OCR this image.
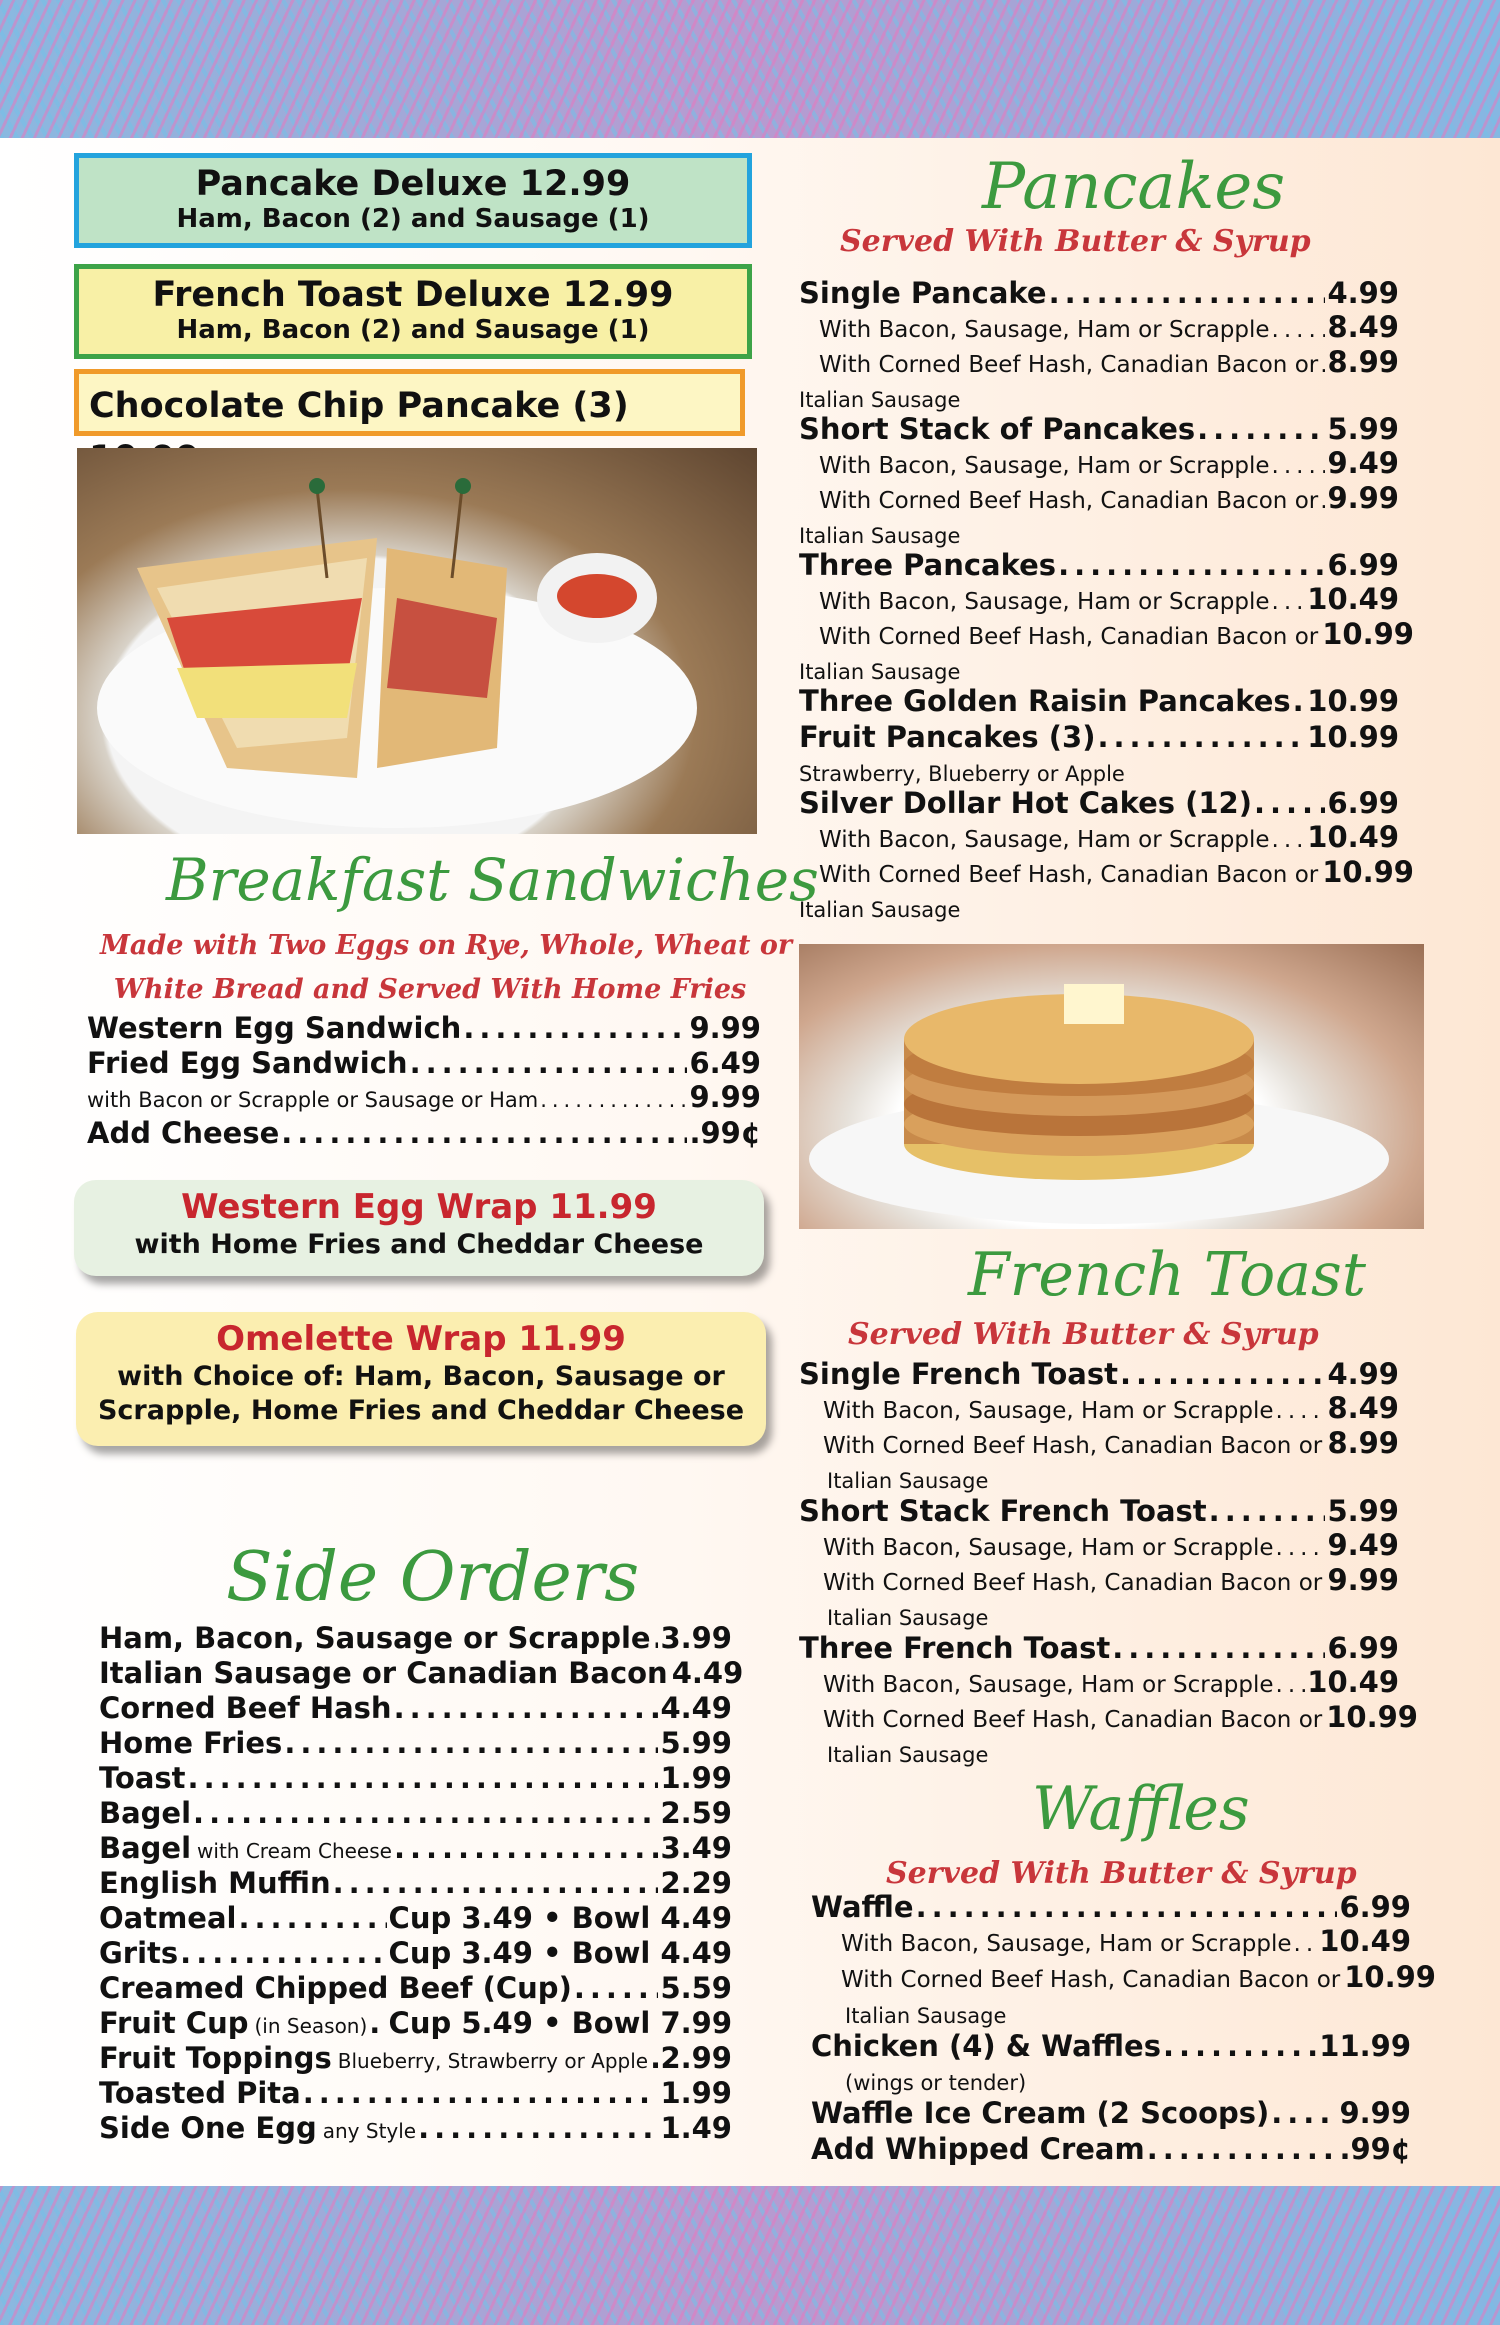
Pancake Deluxe 12.99
Ham, Bacon (2) and Sausage (1)
French Toast Deluxe 12.99
Ham, Bacon (2) and Sausage (1)
Chocolate Chip Pancake (3)
Breakfast Sandwiches
Made with Two Eggs on Rye, Whole, Wheat or
White Bread and Served With Home Fries
Western Egg Sandwich .....	9.99
Fried Egg Sandwich .....	6.49
with Bacon or Scrapple or Sausage or Ham .....	9.99
Add Cheese .....	.99¢
Western Egg Wrap 11.99
with Home Fries and Cheddar Cheese
Omelette Wrap 11.99
with Choice of: Ham, Bacon, Sausage or
Scrapple, Home Fries and Cheddar Cheese
Side Orders
Ham, Bacon, Sausage or Scrapple ..... 3.99
Italian Sausage or Canadian Bacon 4.49
Corned Beef Hash .....	4.49
Home Fries .....	5.99
Toast .....	1.99
Bagel .....	2.59
Bagel with Cream Cheese .....	3.49
English Muffin .....	2.29
Oatmeal .....	Cup 3.49 • Bowl 4.49
Grits .....	Cup 3.49 • Bowl 4.49
Creamed Chipped Beef (Cup) .....	5.59
Fruit Cup (in Season) ..... Cup 5.49 • Bowl 7.99
Fruit Toppings Blueberry, Strawberry or Apple ..... 2.99
Toasted Pita .....	1.99
Side One Egg any Style .....	1.49
Pancakes
Served With Butter & Syrup
Single Pancake .....	4.99
With Bacon, Sausage, Ham or Scrapple ..... 8.49
With Corned Beef Hash, Canadian Bacon or ..... 8.99
Italian Sausage
Short Stack of Pancakes .....	5.99
With Bacon, Sausage, Ham or Scrapple ..... 9.49
With Corned Beef Hash, Canadian Bacon or ..... 9.99
Italian Sausage
Three Pancakes .....	6.99
With Bacon, Sausage, Ham or Scrapple ..... 10.49
With Corned Beef Hash, Canadian Bacon or 10.99
Italian Sausage
Three Golden Raisin Pancakes ..... 10.99
Fruit Pancakes (3) .....	10.99
Strawberry, Blueberry or Apple
Silver Dollar Hot Cakes (12) .....	6.99
With Bacon, Sausage, Ham or Scrapple ..... 10.49
With Corned Beef Hash, Canadian Bacon or 10.99
Italian Sausage
French Toast
Served With Butter & Syrup
Single French Toast .....	4.99
With Bacon, Sausage, Ham or Scrapple ..... 8.49
With Corned Beef Hash, Canadian Bacon or ..... 8.99
Italian Sausage
Short Stack French Toast .....	5.99
With Bacon, Sausage, Ham or Scrapple ..... 9.49
With Corned Beef Hash, Canadian Bacon or ..... 9.99
Italian Sausage
Three French Toast .....	6.99
With Bacon, Sausage, Ham or Scrapple ..... 10.49
With Corned Beef Hash, Canadian Bacon or 10.99
Italian Sausage
Waffles
Served With Butter & Syrup
Waffle .....	6.99
With Bacon, Sausage, Ham or Scrapple ..... 10.49
With Corned Beef Hash, Canadian Bacon or 10.99
Italian Sausage
Chicken (4) & Waffles .....	11.99
(wings or tender)
Waffle Ice Cream (2 Scoops) ..... 9.99
Add Whipped Cream .....	.99¢
